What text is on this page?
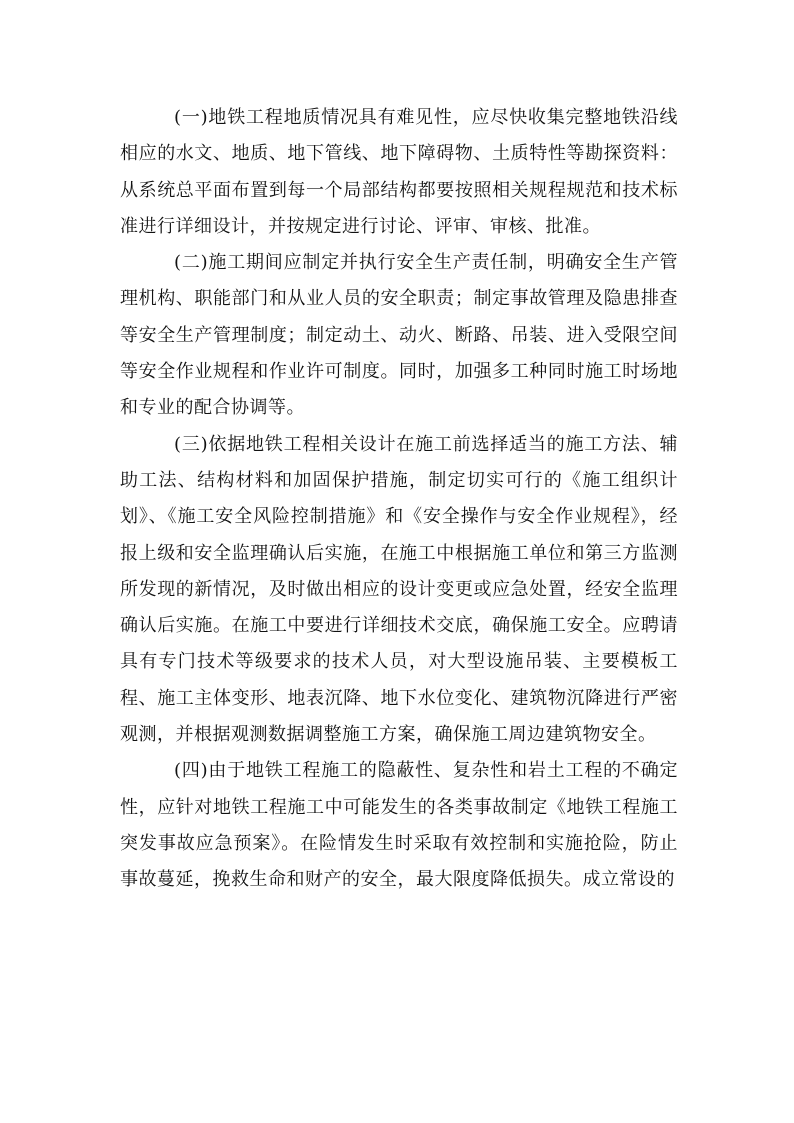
(一)地铁工程地质情况具有难见性，应尽快收集完整地铁沿线相应的水文、地质、地下管线、地下障碍物、土质特性等勘探资料：从系统总平面布置到每一个局部结构都要按照相关规程规范和技术标准进行详细设计，并按规定进行讨论、评审、审核、批准。

(二)施工期间应制定并执行安全生产责任制，明确安全生产管理机构、职能部门和从业人员的安全职责；制定事故管理及隐患排查等安全生产管理制度；制定动土、动火、断路、吊装、进入受限空间等安全作业规程和作业许可制度。同时，加强多工种同时施工时场地和专业的配合协调等。

(三)依据地铁工程相关设计在施工前选择适当的施工方法、辅助工法、结构材料和加固保护措施，制定切实可行的《施工组织计划》、《施工安全风险控制措施》和《安全操作与安全作业规程》，经报上级和安全监理确认后实施，在施工中根据施工单位和第三方监测所发现的新情况，及时做出相应的设计变更或应急处置，经安全监理确认后实施。在施工中要进行详细技术交底，确保施工安全。应聘请具有专门技术等级要求的技术人员，对大型设施吊装、主要模板工程、施工主体变形、地表沉降、地下水位变化、建筑物沉降进行严密观测，并根据观测数据调整施工方案，确保施工周边建筑物安全。

(四)由于地铁工程施工的隐蔽性、复杂性和岩土工程的不确定性，应针对地铁工程施工中可能发生的各类事故制定《地铁工程施工突发事故应急预案》。在险情发生时采取有效控制和实施抢险，防止事故蔓延，挽救生命和财产的安全，最大限度降低损失。成立常设的
